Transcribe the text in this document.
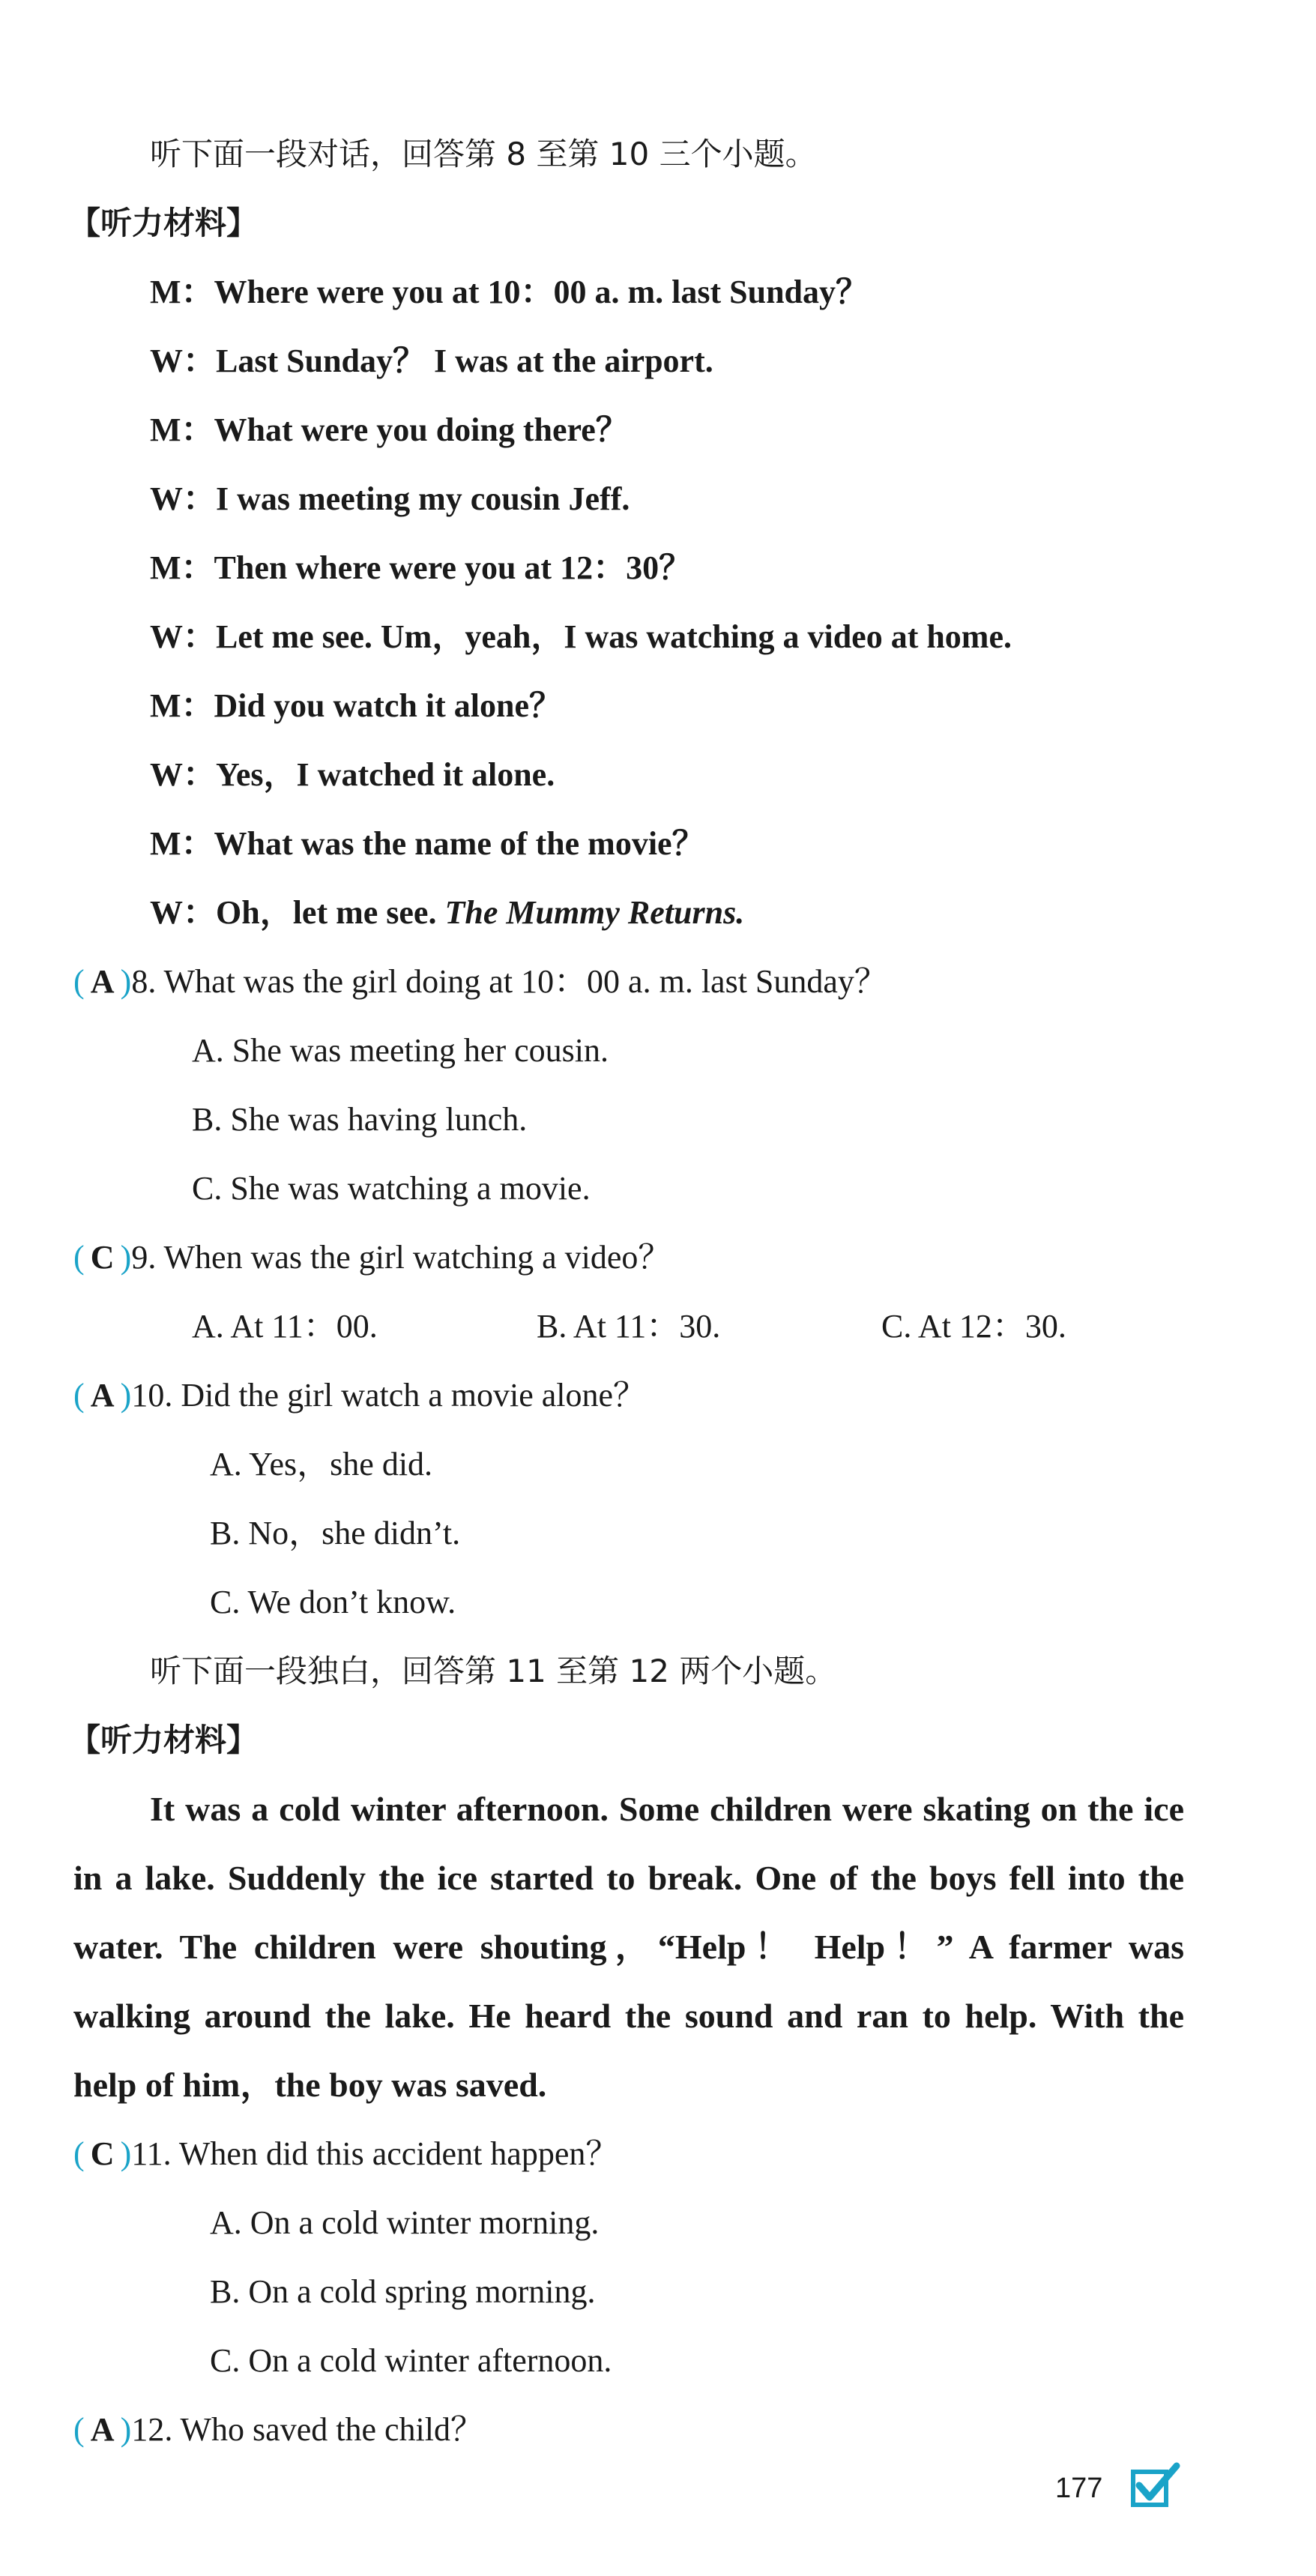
听下面一段对话，回答第 8 至第 10 三个小题。
【听力材料】
M：Where were you at 10：00 a. m. last Sunday？
W：Last Sunday？ I was at the airport.
M：What were you doing there？
W：I was meeting my cousin Jeff.
M：Then where were you at 12：30？
W：Let me see. Um，yeah，I was watching a video at home.
M：Did you watch it alone？
W：Yes，I watched it alone.
M：What was the name of the movie？
W：Oh，let me see. The Mummy Returns.
( A )8. What was the girl doing at 10：00 a. m. last Sunday？
A. She was meeting her cousin.
B. She was having lunch.
C. She was watching a movie.
( C )9. When was the girl watching a video？
A. At 11：00.	B. At 11：30.	C. At 12：30.
( A )10. Did the girl watch a movie alone？
A. Yes，she did.
B. No，she didn’t.
C. We don’t know.
听下面一段独白，回答第 11 至第 12 两个小题。
【听力材料】
It was a cold winter afternoon. Some children were skating on the ice in a lake. Suddenly the ice started to break. One of the boys fell into the water. The children were shouting，“Help！ Help！” A farmer was walking around the lake. He heard the sound and ran to help. With the help of him，the boy was saved.
( C )11. When did this accident happen？
A. On a cold winter morning.
B. On a cold spring morning.
C. On a cold winter afternoon.
( A )12. Who saved the child？
177
